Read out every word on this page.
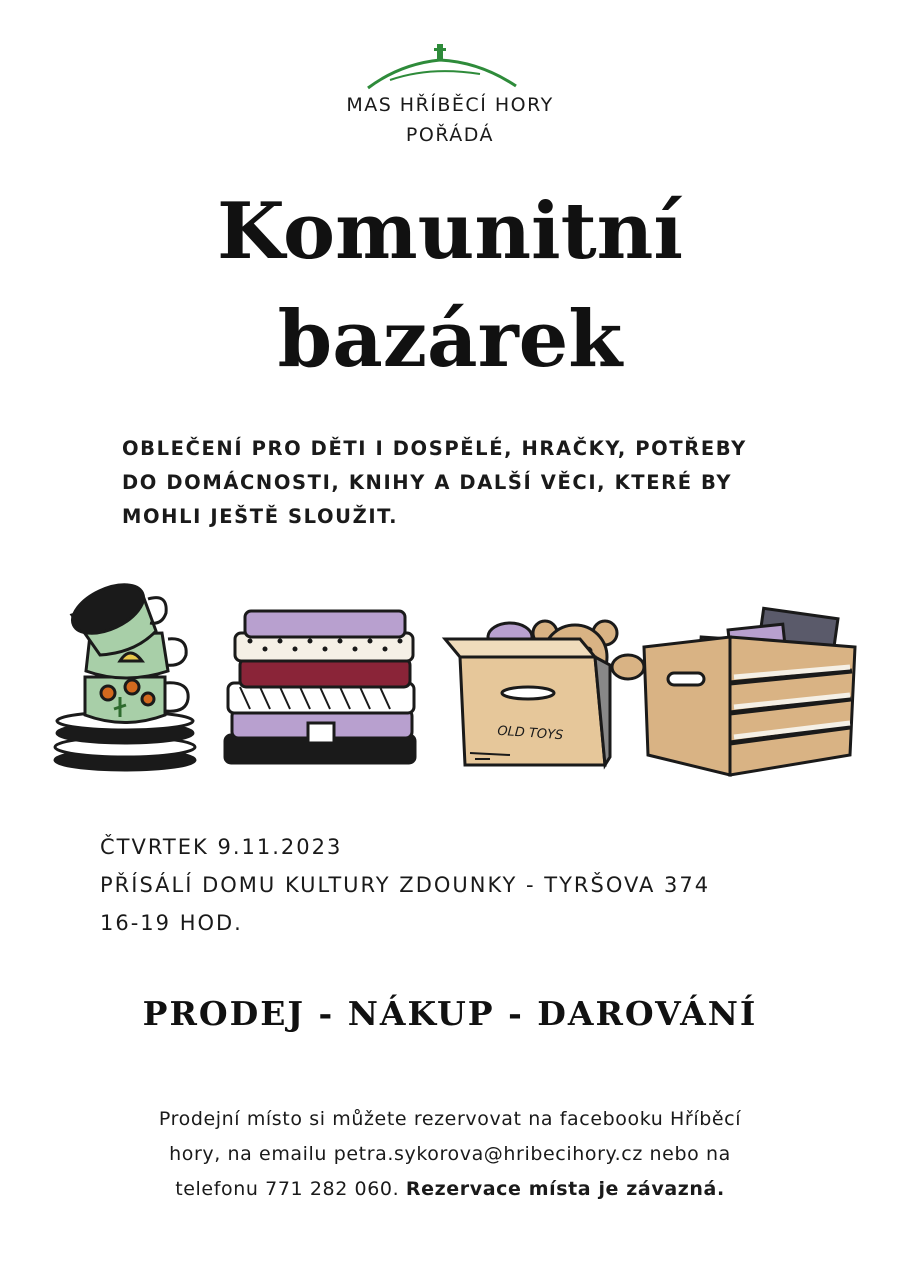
MAS HŘÍBĚCÍ HORY
POŘÁDÁ
Komunitní
bazárek
OBLEČENÍ PRO DĚTI I DOSPĚLÉ, HRAČKY, POTŘEBY
DO DOMÁCNOSTI, KNIHY A DALŠÍ VĚCI, KTERÉ BY
MOHLI JEŠTĚ SLOUŽIT.
OLD TOYS
ČTVRTEK 9.11.2023
PŘÍSÁLÍ DOMU KULTURY ZDOUNKY - TYRŠOVA 374
16-19 HOD.
PRODEJ - NÁKUP - DAROVÁNÍ
Prodejní místo si můžete rezervovat na facebooku Hříběcí
hory, na emailu petra.sykorova@hribecihory.cz nebo na
telefonu 771 282 060. Rezervace místa je závazná.
